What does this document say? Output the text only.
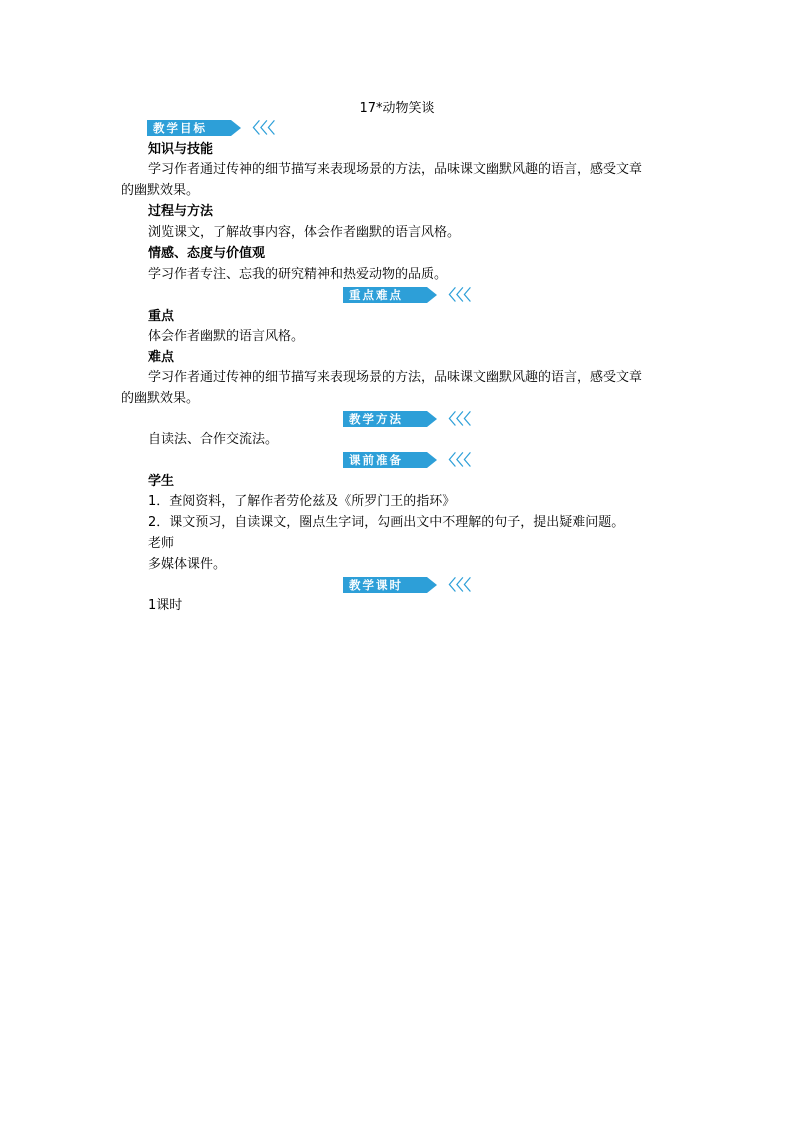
17*动物笑谈
教学目标	〈〈〈
知识与技能
学习作者通过传神的细节描写来表现场景的方法，品味课文幽默风趣的语言，感受文章
的幽默效果。
过程与方法
浏览课文，了解故事内容，体会作者幽默的语言风格。
情感、态度与价值观
学习作者专注、忘我的研究精神和热爱动物的品质。
重点难点	〈〈〈
重点
体会作者幽默的语言风格。
难点
学习作者通过传神的细节描写来表现场景的方法，品味课文幽默风趣的语言，感受文章
的幽默效果。
教学方法	〈〈〈
自读法、合作交流法。
课前准备	〈〈〈
学生
1．查阅资料，了解作者劳伦兹及《所罗门王的指环》
2．课文预习，自读课文，圈点生字词，勾画出文中不理解的句子，提出疑难问题。
老师
多媒体课件。
教学课时	〈〈〈
1课时
